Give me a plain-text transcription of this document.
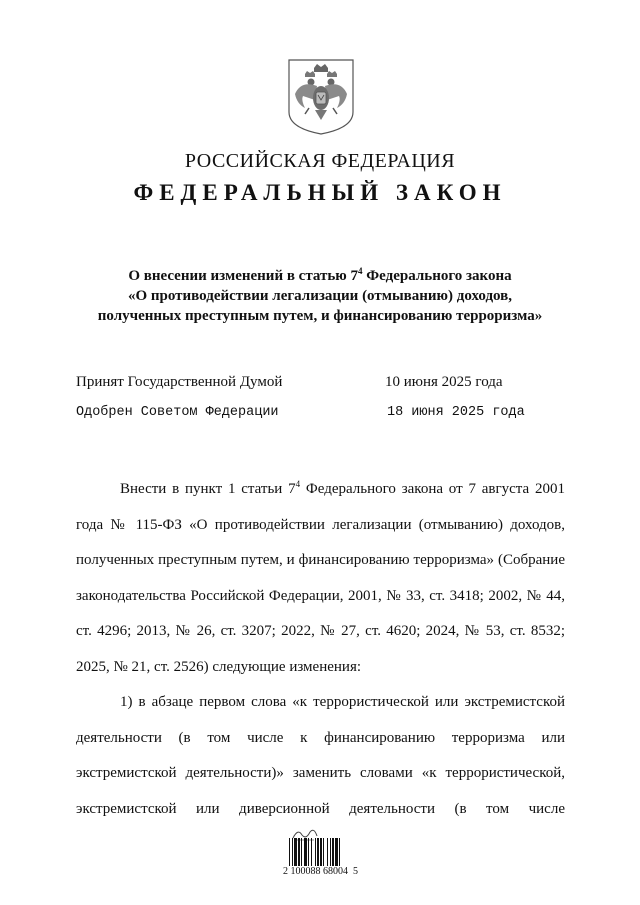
РОССИЙСКАЯ ФЕДЕРАЦИЯ
ФЕДЕРАЛЬНЫЙ ЗАКОН
О внесении изменений в статью $7^4$ Федерального закона
«О противодействии легализации (отмыванию) доходов,
полученных преступным путем, и финансированию терроризма»
Принят Государственной Думой	10 июня 2025 года
Одобрен Советом Федерации	18 июня 2025 года

Внести в пункт 1 статьи $7^4$ Федерального закона от 7 августа 2001 года № 115-ФЗ «О противодействии легализации (отмыванию) доходов, полученных преступным путем, и финансированию терроризма» (Собрание законодательства Российской Федерации, 2001, № 33, ст. 3418; 2002, № 44, ст. 4296; 2013, № 26, ст. 3207; 2022, № 27, ст. 4620; 2024, № 53, ст. 8532; 2025, № 21, ст. 2526) следующие изменения:

1) в абзаце первом слова «к террористической или экстремистской деятельности (в том числе к финансированию терроризма или экстремистской деятельности)» заменить словами «к террористической, экстремистской или диверсионной деятельности (в том числе

2 100088 68004  5
